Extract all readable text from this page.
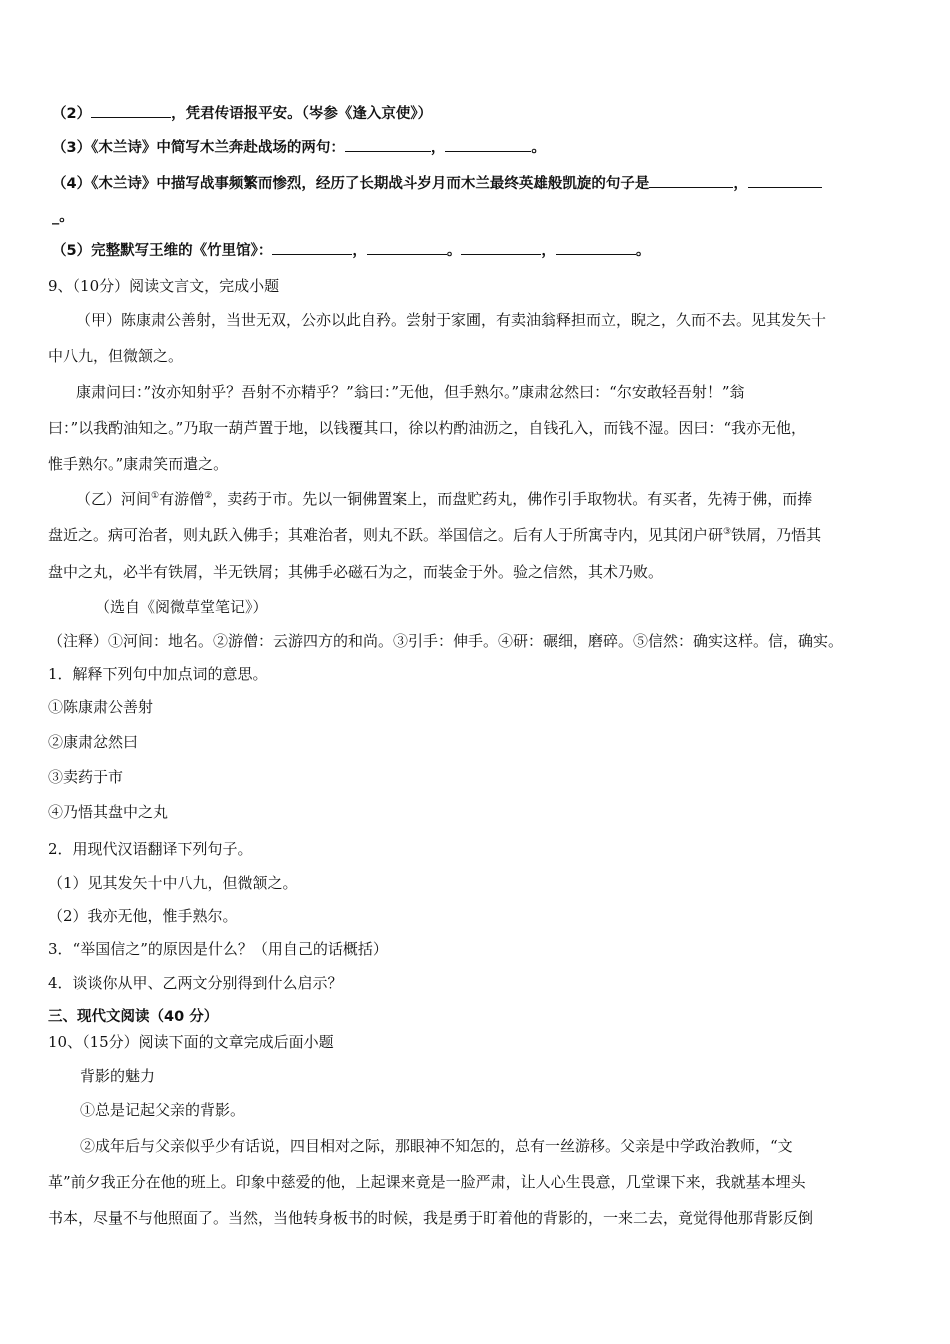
（2）	，凭君传语报平安。（岑参《逢入京使》）
（3）《木兰诗》中简写木兰奔赴战场的两句：	，	。
（4）《木兰诗》中描写战事频繁而惨烈，经历了长期战斗岁月而木兰最终英雄般凯旋的句子是	，
_。
（5）完整默写王维的《竹里馆》：	，	。	，	。
9、（10分）阅读文言文，完成小题
（甲）陈康肃公善射，当世无双，公亦以此自矜。尝射于家圃，有卖油翁释担而立，睨之，久而不去。见其发矢十
中八九，但微颔之。
康肃问曰：”汝亦知射乎？吾射不亦精乎？”翁曰：”无他，但手熟尔。”康肃忿然曰：“尔安敢轻吾射！”翁
曰：”以我酌油知之。”乃取一葫芦置于地，以钱覆其口，徐以杓酌油沥之，自钱孔入，而钱不湿。因曰：“我亦无他，
惟手熟尔。”康肃笑而遣之。
（乙）河间①有游僧②，卖药于市。先以一铜佛置案上，而盘贮药丸，佛作引手取物状。有买者，先祷于佛，而捧
盘近之。病可治者，则丸跃入佛手；其难治者，则丸不跃。举国信之。后有人于所寓寺内，见其闭户研③铁屑，乃悟其
盘中之丸，必半有铁屑，半无铁屑；其佛手必磁石为之，而装金于外。验之信然，其术乃败。
（选自《阅微草堂笔记》）
（注释）①河间：地名。②游僧：云游四方的和尚。③引手：伸手。④研：碾细，磨碎。⑤信然：确实这样。信，确实。
1．解释下列句中加点词的意思。
①陈康肃公善射
②康肃忿然曰
③卖药于市
④乃悟其盘中之丸
2．用现代汉语翻译下列句子。
（1）见其发矢十中八九，但微颔之。
（2）我亦无他，惟手熟尔。
3．“举国信之”的原因是什么？（用自己的话概括）
4．谈谈你从甲、乙两文分别得到什么启示？
三、现代文阅读（40 分）
10、（15分）阅读下面的文章完成后面小题
背影的魅力
①总是记起父亲的背影。
②成年后与父亲似乎少有话说，四目相对之际，那眼神不知怎的，总有一丝游移。父亲是中学政治教师，“文
革”前夕我正分在他的班上。印象中慈爱的他，上起课来竟是一脸严肃，让人心生畏意，几堂课下来，我就基本埋头
书本，尽量不与他照面了。当然，当他转身板书的时候，我是勇于盯着他的背影的，一来二去，竟觉得他那背影反倒
